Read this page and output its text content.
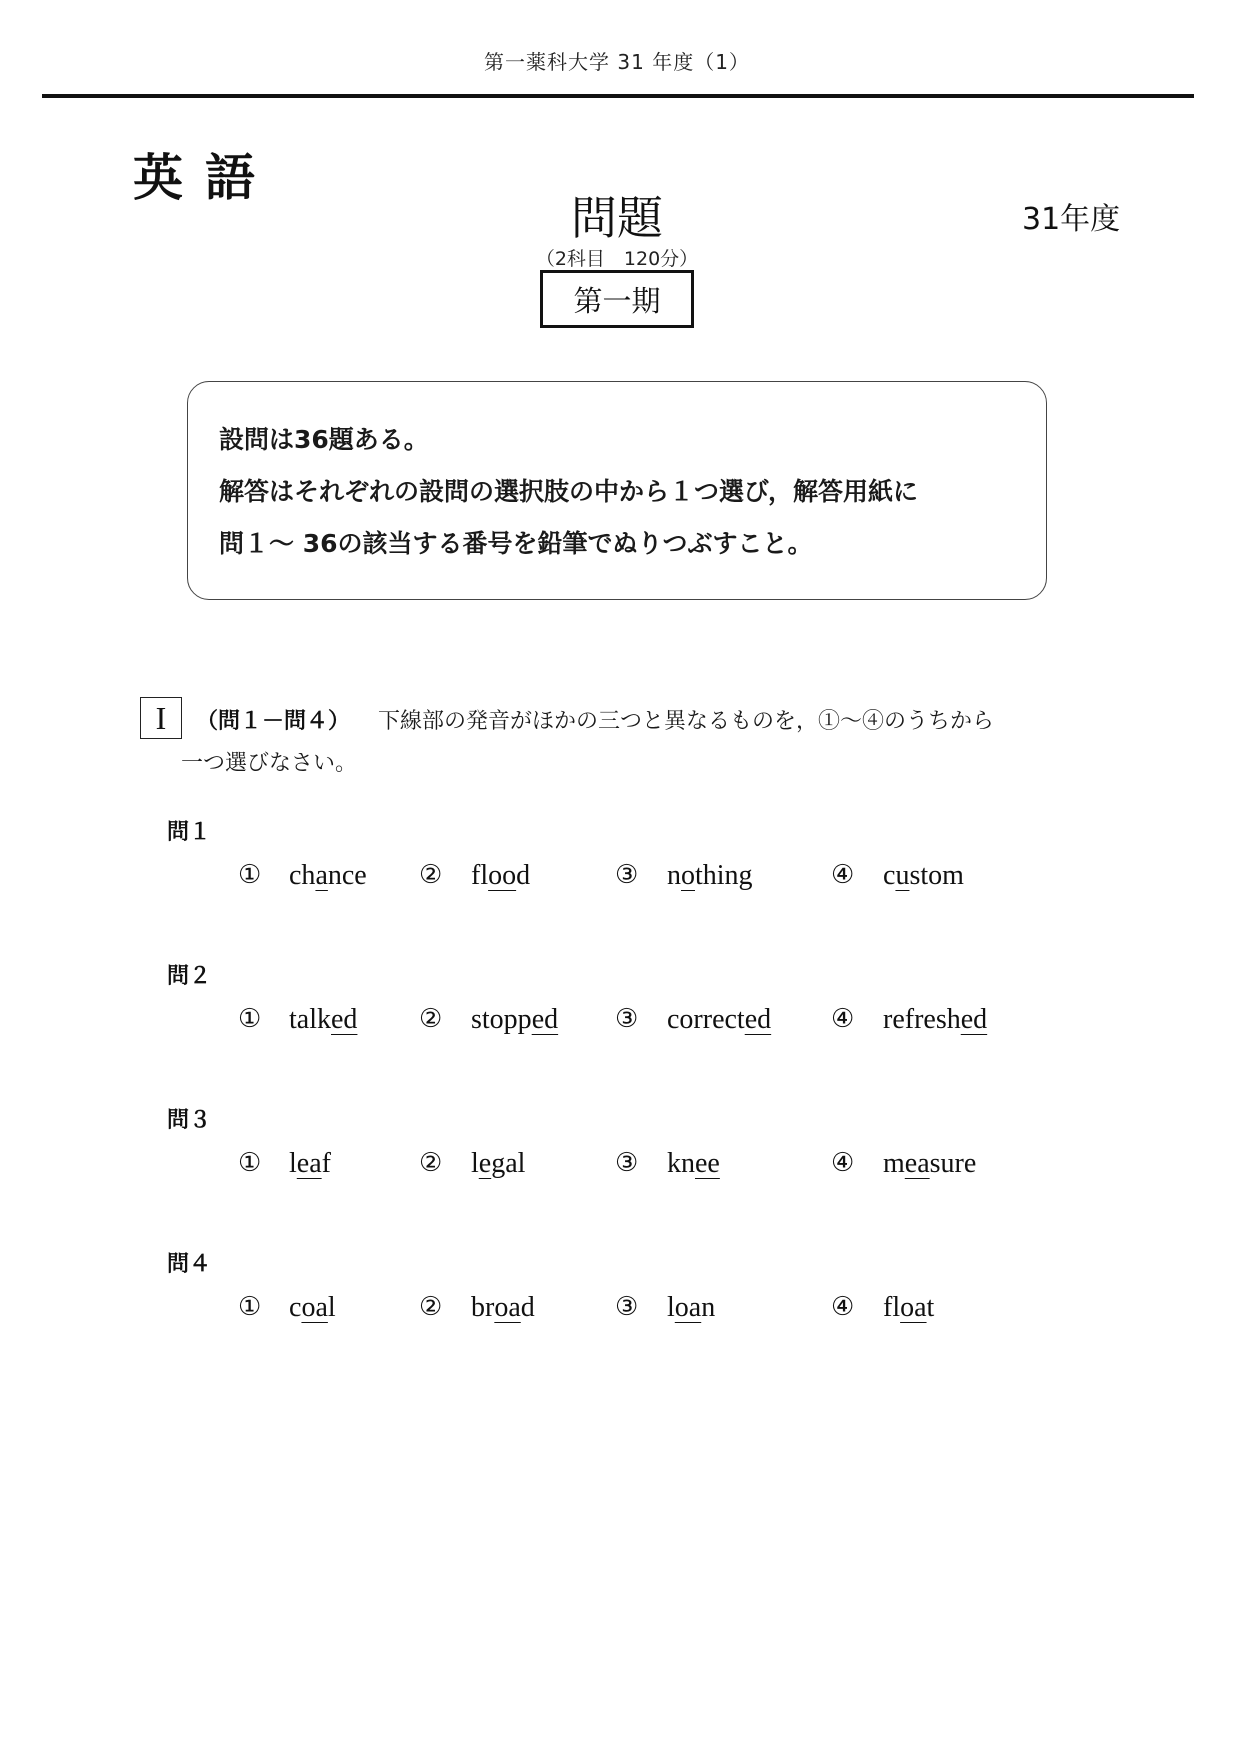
第一薬科大学 31 年度（1）
英語
問題	31年度
（2科目　120分）
第一期
設問は36題ある。
解答はそれぞれの設問の選択肢の中から１つ選び，解答用紙に
問１～ 36の該当する番号を鉛筆でぬりつぶすこと。
I	（問１－問４） 下線部の発音がほかの三つと異なるものを，①～④のうちから
一つ選びなさい。
問１
① chance ② flood	③ nothing	④ custom
問２
① talked ② stopped ③ corrected ④ refreshed
問３
① leaf	② legal	③ knee	④ measure
問４
① coal	② broad	③ loan	④ float
